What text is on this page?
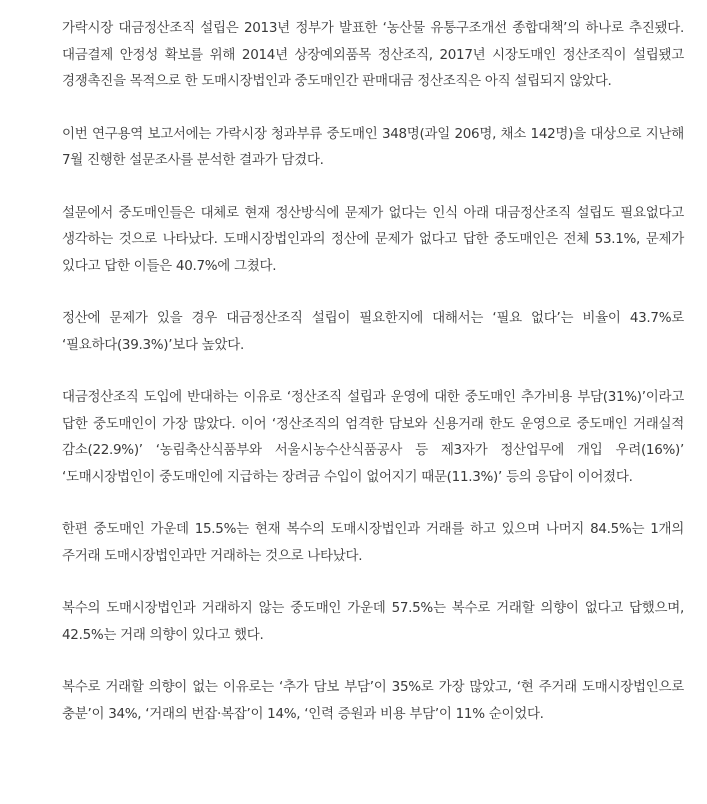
가락시장 대금정산조직 설립은 2013년 정부가 발표한 ‘농산물 유통구조개선 종합대책’의 하나로 추진됐다. 대금결제 안정성 확보를 위해 2014년 상장예외품목 정산조직, 2017년 시장도매인 정산조직이 설립됐고 경쟁촉진을 목적으로 한 도매시장법인과 중도매인간 판매대금 정산조직은 아직 설립되지 않았다.

이번 연구용역 보고서에는 가락시장 청과부류 중도매인 348명(과일 206명, 채소 142명)을 대상으로 지난해 7월 진행한 설문조사를 분석한 결과가 담겼다.

설문에서 중도매인들은 대체로 현재 정산방식에 문제가 없다는 인식 아래 대금정산조직 설립도 필요없다고 생각하는 것으로 나타났다. 도매시장법인과의 정산에 문제가 없다고 답한 중도매인은 전체 53.1%, 문제가 있다고 답한 이들은 40.7%에 그쳤다.

정산에 문제가 있을 경우 대금정산조직 설립이 필요한지에 대해서는 ‘필요 없다’는 비율이 43.7%로 ‘필요하다(39.3%)’보다 높았다.

대금정산조직 도입에 반대하는 이유로 ‘정산조직 설립과 운영에 대한 중도매인 추가비용 부담(31%)’이라고 답한 중도매인이 가장 많았다. 이어 ‘정산조직의 엄격한 담보와 신용거래 한도 운영으로 중도매인 거래실적 감소(22.9%)’ ‘농림축산식품부와 서울시농수산식품공사 등 제3자가 정산업무에 개입 우려(16%)’ ‘도매시장법인이 중도매인에 지급하는 장려금 수입이 없어지기 때문(11.3%)’ 등의 응답이 이어졌다.

한편 중도매인 가운데 15.5%는 현재 복수의 도매시장법인과 거래를 하고 있으며 나머지 84.5%는 1개의 주거래 도매시장법인과만 거래하는 것으로 나타났다.

복수의 도매시장법인과 거래하지 않는 중도매인 가운데 57.5%는 복수로 거래할 의향이 없다고 답했으며, 42.5%는 거래 의향이 있다고 했다.

복수로 거래할 의향이 없는 이유로는 ‘추가 담보 부담’이 35%로 가장 많았고, ‘현 주거래 도매시장법인으로 충분’이 34%, ‘거래의 번잡·복잡’이 14%, ‘인력 증원과 비용 부담’이 11% 순이었다.
